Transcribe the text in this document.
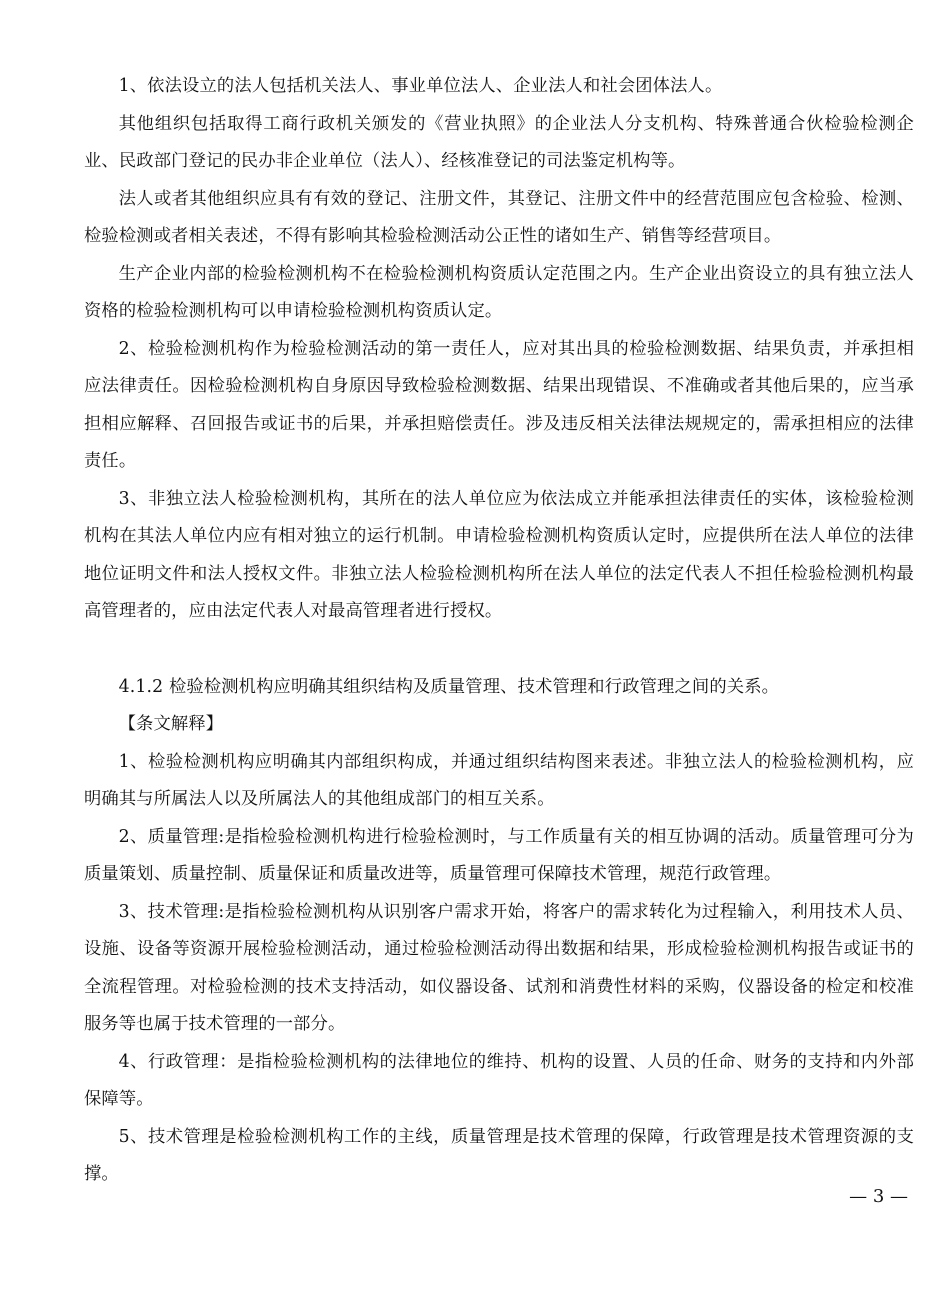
1、依法设立的法人包括机关法人、事业单位法人、企业法人和社会团体法人。

其他组织包括取得工商行政机关颁发的《营业执照》的企业法人分支机构、特殊普通合伙检验检测企业、民政部门登记的民办非企业单位（法人）、经核准登记的司法鉴定机构等。

法人或者其他组织应具有有效的登记、注册文件，其登记、注册文件中的经营范围应包含检验、检测、检验检测或者相关表述，不得有影响其检验检测活动公正性的诸如生产、销售等经营项目。

生产企业内部的检验检测机构不在检验检测机构资质认定范围之内。生产企业出资设立的具有独立法人资格的检验检测机构可以申请检验检测机构资质认定。

2、检验检测机构作为检验检测活动的第一责任人，应对其出具的检验检测数据、结果负责，并承担相应法律责任。因检验检测机构自身原因导致检验检测数据、结果出现错误、不准确或者其他后果的，应当承担相应解释、召回报告或证书的后果，并承担赔偿责任。涉及违反相关法律法规规定的，需承担相应的法律责任。

3、非独立法人检验检测机构，其所在的法人单位应为依法成立并能承担法律责任的实体，该检验检测机构在其法人单位内应有相对独立的运行机制。申请检验检测机构资质认定时，应提供所在法人单位的法律地位证明文件和法人授权文件。非独立法人检验检测机构所在法人单位的法定代表人不担任检验检测机构最高管理者的，应由法定代表人对最高管理者进行授权。

4.1.2 检验检测机构应明确其组织结构及质量管理、技术管理和行政管理之间的关系。

【条文解释】

1、检验检测机构应明确其内部组织构成，并通过组织结构图来表述。非独立法人的检验检测机构，应明确其与所属法人以及所属法人的其他组成部门的相互关系。

2、质量管理:是指检验检测机构进行检验检测时，与工作质量有关的相互协调的活动。质量管理可分为质量策划、质量控制、质量保证和质量改进等，质量管理可保障技术管理，规范行政管理。

3、技术管理:是指检验检测机构从识别客户需求开始，将客户的需求转化为过程输入，利用技术人员、设施、设备等资源开展检验检测活动，通过检验检测活动得出数据和结果，形成检验检测机构报告或证书的全流程管理。对检验检测的技术支持活动，如仪器设备、试剂和消费性材料的采购，仪器设备的检定和校准服务等也属于技术管理的一部分。

4、行政管理：是指检验检测机构的法律地位的维持、机构的设置、人员的任命、财务的支持和内外部保障等。

5、技术管理是检验检测机构工作的主线，质量管理是技术管理的保障，行政管理是技术管理资源的支撑。

— 3 —
